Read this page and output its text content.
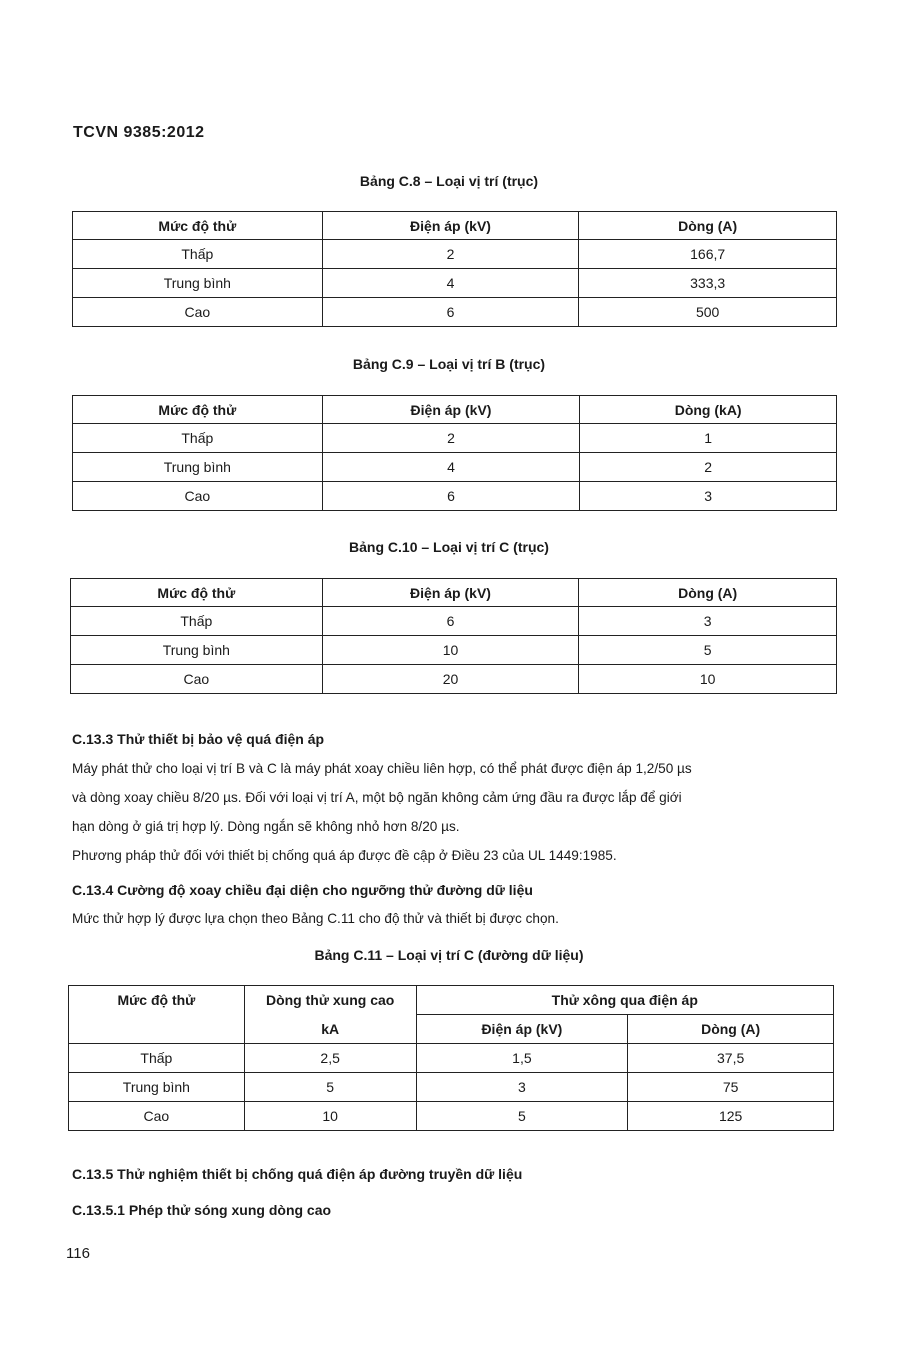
TCVN 9385:2012
Bảng C.8 – Loại vị trí (trục)
Mức độ thử	Điện áp (kV)	Dòng (A)
Thấp	2	166,7
Trung bình	4	333,3
Cao	6	500
Bảng C.9 – Loại vị trí B (trục)
Mức độ thử	Điện áp (kV)	Dòng (kA)
Thấp	2	1
Trung bình	4	2
Cao	6	3
Bảng C.10 – Loại vị trí C (trục)
Mức độ thử	Điện áp (kV)	Dòng (A)
Thấp	6	3
Trung bình	10	5
Cao	20	10
C.13.3 Thử thiết bị bảo vệ quá điện áp

Máy phát thử cho loại vị trí B và C là máy phát xoay chiều liên hợp, có thể phát được điện áp 1,2/50 µs

và dòng xoay chiều 8/20 µs. Đối với loại vị trí A, một bộ ngăn không cảm ứng đầu ra được lắp để giới

hạn dòng ở giá trị hợp lý. Dòng ngắn sẽ không nhỏ hơn 8/20 µs.

Phương pháp thử đối với thiết bị chống quá áp được đề cập ở Điều 23 của UL 1449:1985.

C.13.4 Cường độ xoay chiều đại diện cho ngưỡng thử đường dữ liệu

Mức thử hợp lý được lựa chọn theo Bảng C.11 cho độ thử và thiết bị được chọn.

Bảng C.11 – Loại vị trí C (đường dữ liệu)
Mức độ thử	Dòng thử xung cao	Thử xông qua điện áp	
	kA	Điện áp (kV)	Dòng (A)
Thấp	2,5	1,5	37,5
Trung bình	5	3	75
Cao	10	5	125
C.13.5 Thử nghiệm thiết bị chống quá điện áp đường truyền dữ liệu
C.13.5.1 Phép thử sóng xung dòng cao
116
